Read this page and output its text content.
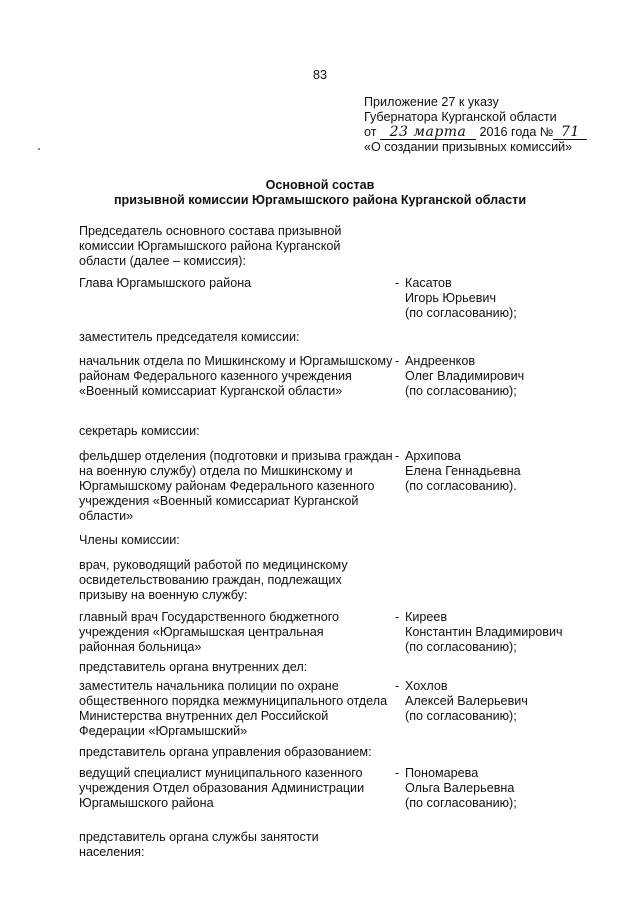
83
Приложение 27 к указу
Губернатора Курганской области
от 23 марта 2016 года № 71
«О создании призывных комиссий»
Основной состав
призывной комиссии Юргамышского района Курганской области
Председатель основного состава призывной комиссии Юргамышского района Курганской области (далее – комиссия):
Глава Юргамышского района	- Касатов
Игорь Юрьевич
(по согласованию);
заместитель председателя комиссии:
начальник отдела по Мишкинскому и Юргамышскому районам Федерального казенного учреждения «Военный комиссариат Курганской области»
- Андреенков
Олег Владимирович
(по согласованию);
секретарь комиссии:
фельдшер отделения (подготовки и призыва граждан на военную службу) отдела по Мишкинскому и Юргамышскому районам Федерального казенного учреждения «Военный комиссариат Курганской области»
- Архипова
Елена Геннадьевна
(по согласованию).
Члены комиссии:
врач, руководящий работой по медицинскому освидетельствованию граждан, подлежащих призыву на военную службу:
главный врач Государственного бюджетного учреждения «Юргамышская центральная районная больница»
- Киреев
Константин Владимирович
(по согласованию);
представитель органа внутренних дел:
заместитель начальника полиции по охране общественного порядка межмуниципального отдела Министерства внутренних дел Российской Федерации «Юргамышский»
- Хохлов
Алексей Валерьевич
(по согласованию);
представитель органа управления образованием:
ведущий специалист муниципального казенного учреждения Отдел образования Администрации Юргамышского района
- Пономарева
Ольга Валерьевна
(по согласованию);
представитель органа службы занятости населения:
